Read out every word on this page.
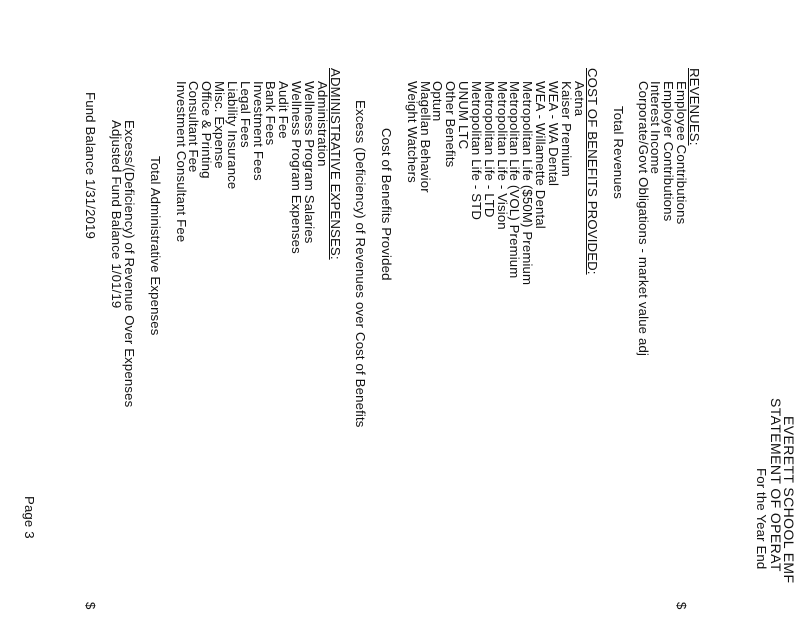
EVERETT SCHOOL EMF
STATEMENT OF OPERAT
For the Year End
REVENUES:
Employee Contributions
Employer Contributions
Interest Income
Corporate/Govt Obligations - market value adj
Total Revenues
$
COST OF BENEFITS PROVIDED:
Aetna
Kaiser Premium
WEA - WA Dental
WEA - Willamette Dental
Metropolitan Life ($50M) Premium
Metropolitan Life (VOL) Premium
Metropolitan Life - Vision
Metropolitan Life - LTD
Metropolitan Life - STD
UNUM LTC
Other Benefits
Optum
Magellan Behavior
Weight Watchers
Cost of Benefits Provided
Excess (Deficiency) of Revenues over Cost of Benefits
ADMINISTRATIVE EXPENSES:
Administration
Wellness Program Salaries
Wellness Program Expenses
Audit Fee
Bank Fees
Investment Fees
Legal Fees
Liability Insurance
Misc. Expense
Office & Printing
Consultant Fee
Investment Consultant Fee
Total Administrative Expenses
Excess/(Deficiency) of Revenue Over Expenses
Adjusted Fund Balance 1/01/19
Fund Balance 1/31/2019
$
Page 3
